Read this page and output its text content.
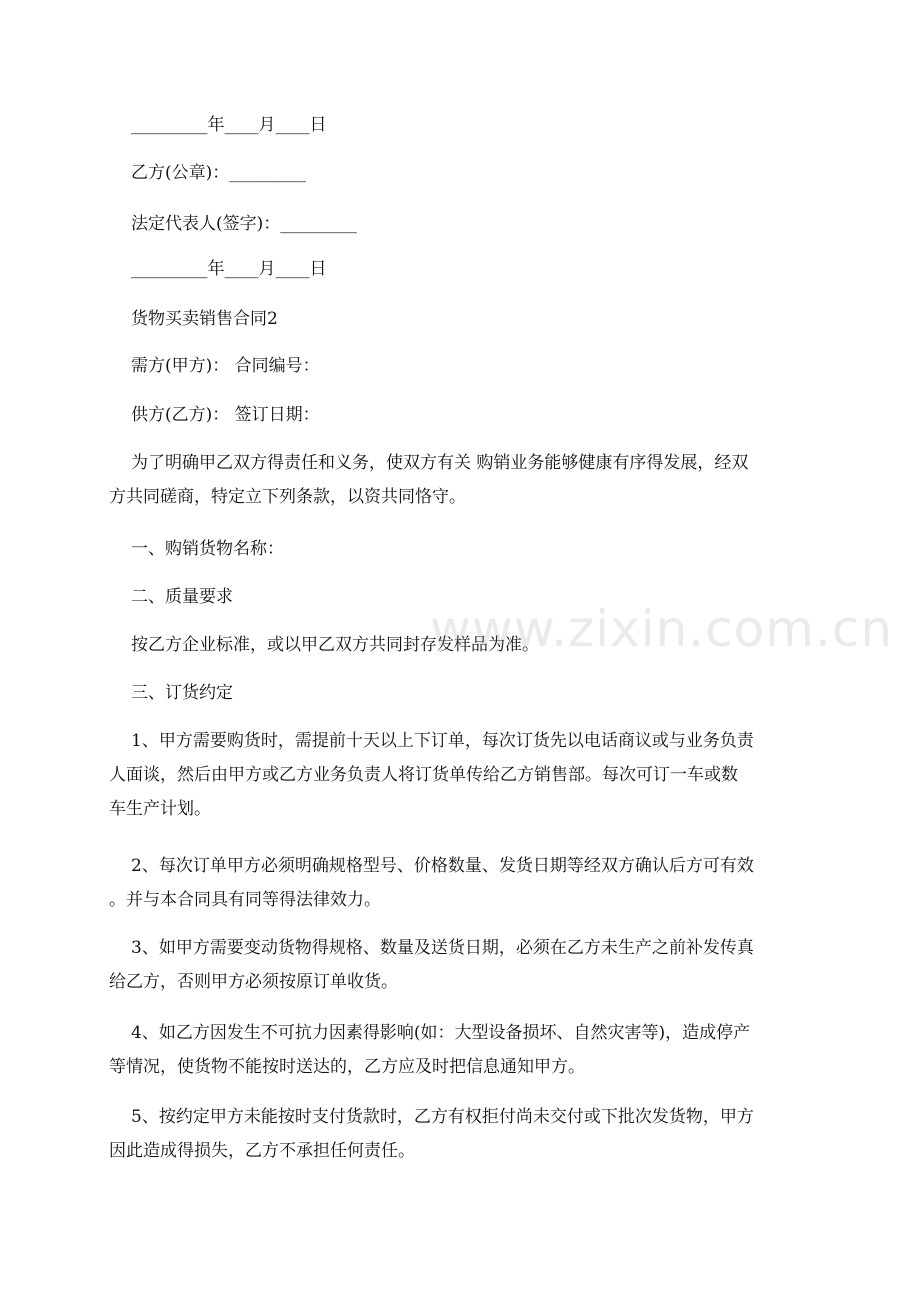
_________年____月____日
乙方(公章)：_________
法定代表人(签字)：_________
_________年____月____日
货物买卖销售合同2
需方(甲方)： 合同编号：
供方(乙方)： 签订日期：
为了明确甲乙双方得责任和义务，使双方有关 购销业务能够健康有序得发展，经双
方共同磋商，特定立下列条款，以资共同恪守。
一、购销货物名称：
二、质量要求
按乙方企业标准，或以甲乙双方共同封存发样品为准。
三、订货约定
1、甲方需要购货时，需提前十天以上下订单，每次订货先以电话商议或与业务负责
人面谈，然后由甲方或乙方业务负责人将订货单传给乙方销售部。每次可订一车或数
车生产计划。
2、每次订单甲方必须明确规格型号、价格数量、发货日期等经双方确认后方可有效
。并与本合同具有同等得法律效力。
3、如甲方需要变动货物得规格、数量及送货日期，必须在乙方未生产之前补发传真
给乙方，否则甲方必须按原订单收货。
4、如乙方因发生不可抗力因素得影响(如：大型设备损坏、自然灾害等)，造成停产
等情况，使货物不能按时送达的，乙方应及时把信息通知甲方。
5、按约定甲方未能按时支付货款时，乙方有权拒付尚未交付或下批次发货物，甲方
因此造成得损失，乙方不承担任何责任。
www.zixin.com.cn
